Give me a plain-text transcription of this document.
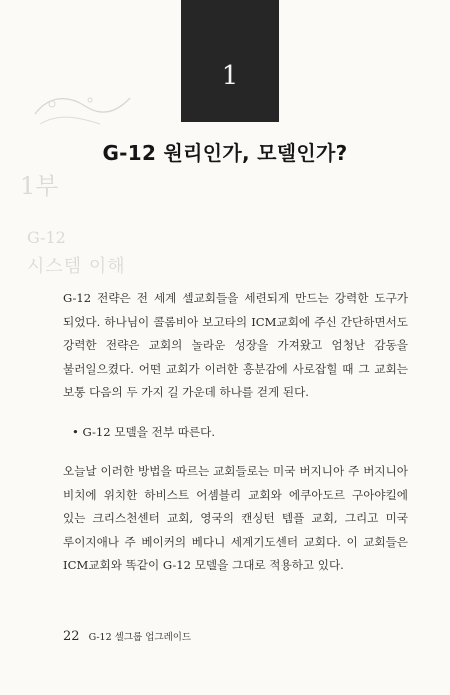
1
1부
G-12
시스템 이해
G-12 원리인가, 모델인가?
G-12 전략은 전 세계 셀교회들을 세련되게 만드는 강력한 도구가 되었다. 하나님이 콜롬비아 보고타의 ICM교회에 주신 간단하면서도 강력한 전략은 교회의 놀라운 성장을 가져왔고 엄청난 감동을 불러일으켰다. 어떤 교회가 이러한 흥분감에 사로잡힐 때 그 교회는 보통 다음의 두 가지 길 가운데 하나를 걷게 된다.
• G-12 모델을 전부 따른다.
오늘날 이러한 방법을 따르는 교회들로는 미국 버지니아 주 버지니아 비치에 위치한 하비스트 어셈블리 교회와 에쿠아도르 구아야킬에 있는 크리스천센터 교회, 영국의 캔싱턴 템플 교회, 그리고 미국 루이지애나 주 베이커의 베다니 세계기도센터 교회다. 이 교회들은 ICM교회와 똑같이 G-12 모델을 그대로 적용하고 있다.
22 G-12 셀그룹 업그레이드
